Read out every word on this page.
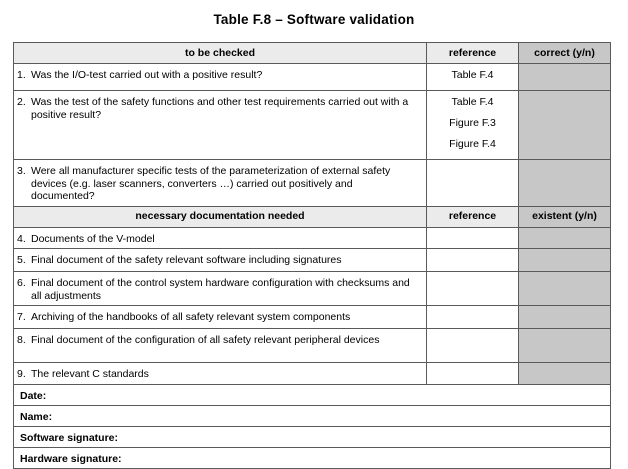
Table F.8 – Software validation
to be checked	reference	correct (y/n)
1. Was the I/O-test carried out with a positive result?	Table F.4	

2. Was the test of the safety functions and other test requirements carried out with a positive result?	Table F.4
Figure F.3
Figure F.4	

3. Were all manufacturer specific tests of the parameterization of external safety devices (e.g. laser scanners, converters …) carried out positively and documented?		
necessary documentation needed	reference	existent (y/n)
4. Documents of the V-model		
5. Final document of the safety relevant software including signatures		
6. Final document of the control system hardware configuration with checksums and all adjustments		
7. Archiving of the handbooks of all safety relevant system components		
8. Final document of the configuration of all safety relevant peripheral devices		
9. The relevant C standards		
Date:		
Name:		
Software signature:		
Hardware signature:		
